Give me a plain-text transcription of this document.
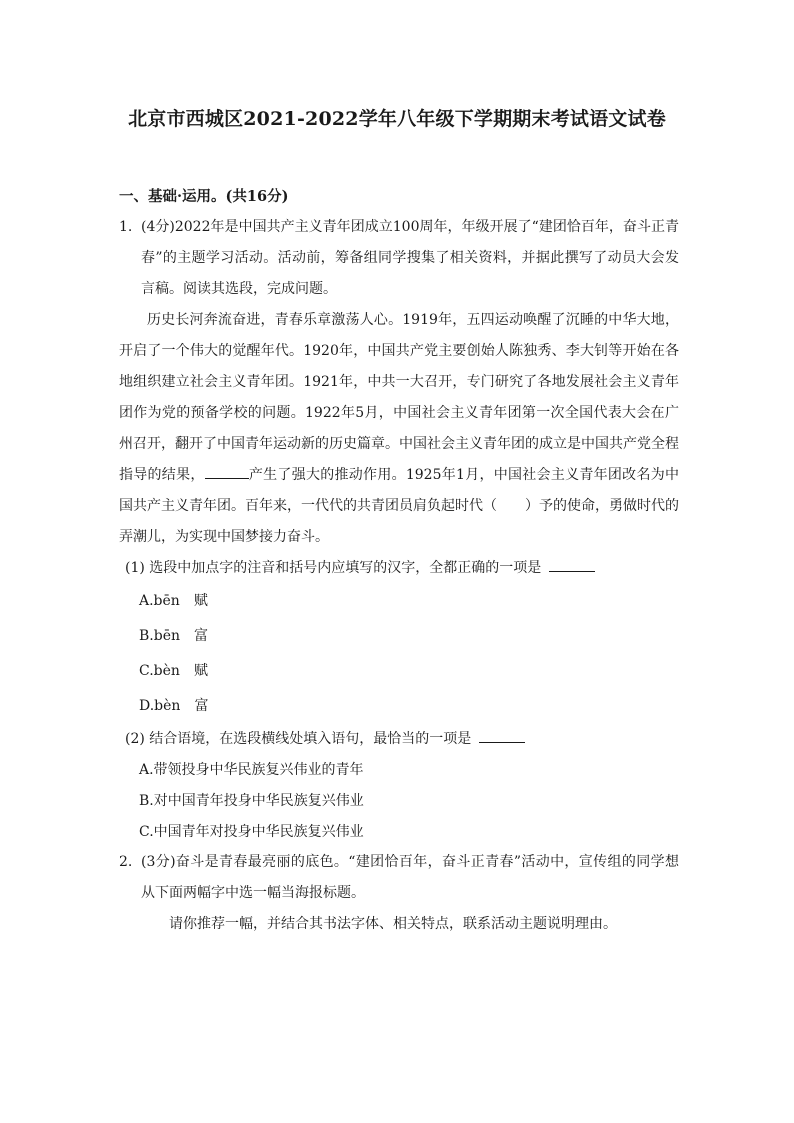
北京市西城区2021-2022学年八年级下学期期末考试语文试卷
一、基础·运用。(共16分)
1. (4分)2022年是中国共产主义青年团成立100周年，年级开展了“建团恰百年，奋斗正青春”的主题学习活动。活动前，筹备组同学搜集了相关资料，并据此撰写了动员大会发言稿。阅读其选段，完成问题。
历史长河奔流奋进，青春乐章激荡人心。1919年，五四运动唤醒了沉睡的中华大地，开启了一个伟大的觉醒年代。1920年，中国共产党主要创始人陈独秀、李大钊等开始在各地组织建立社会主义青年团。1921年，中共一大召开，专门研究了各地发展社会主义青年团作为党的预备学校的问题。1922年5月，中国社会主义青年团第一次全国代表大会在广州召开，翻开了中国青年运动新的历史篇章。中国社会主义青年团的成立是中国共产党全程指导的结果，	产生了强大的推动作用。1925年1月，中国社会主义青年团改名为中国共产主义青年团。百年来，一代代的共青团员肩负起时代（ ）予的使命，勇做时代的弄潮儿，为实现中国梦接力奋斗。
(1) 选段中加点字的注音和括号内应填写的汉字，全都正确的一项是
A.bēn 赋
B.bēn 富
C.bèn 赋
D.bèn 富
(2) 结合语境，在选段横线处填入语句，最恰当的一项是
A.带领投身中华民族复兴伟业的青年
B.对中国青年投身中华民族复兴伟业
C.中国青年对投身中华民族复兴伟业
2. (3分)奋斗是青春最亮丽的底色。“建团恰百年，奋斗正青春”活动中，宣传组的同学想从下面两幅字中选一幅当海报标题。
请你推荐一幅，并结合其书法字体、相关特点，联系活动主题说明理由。
